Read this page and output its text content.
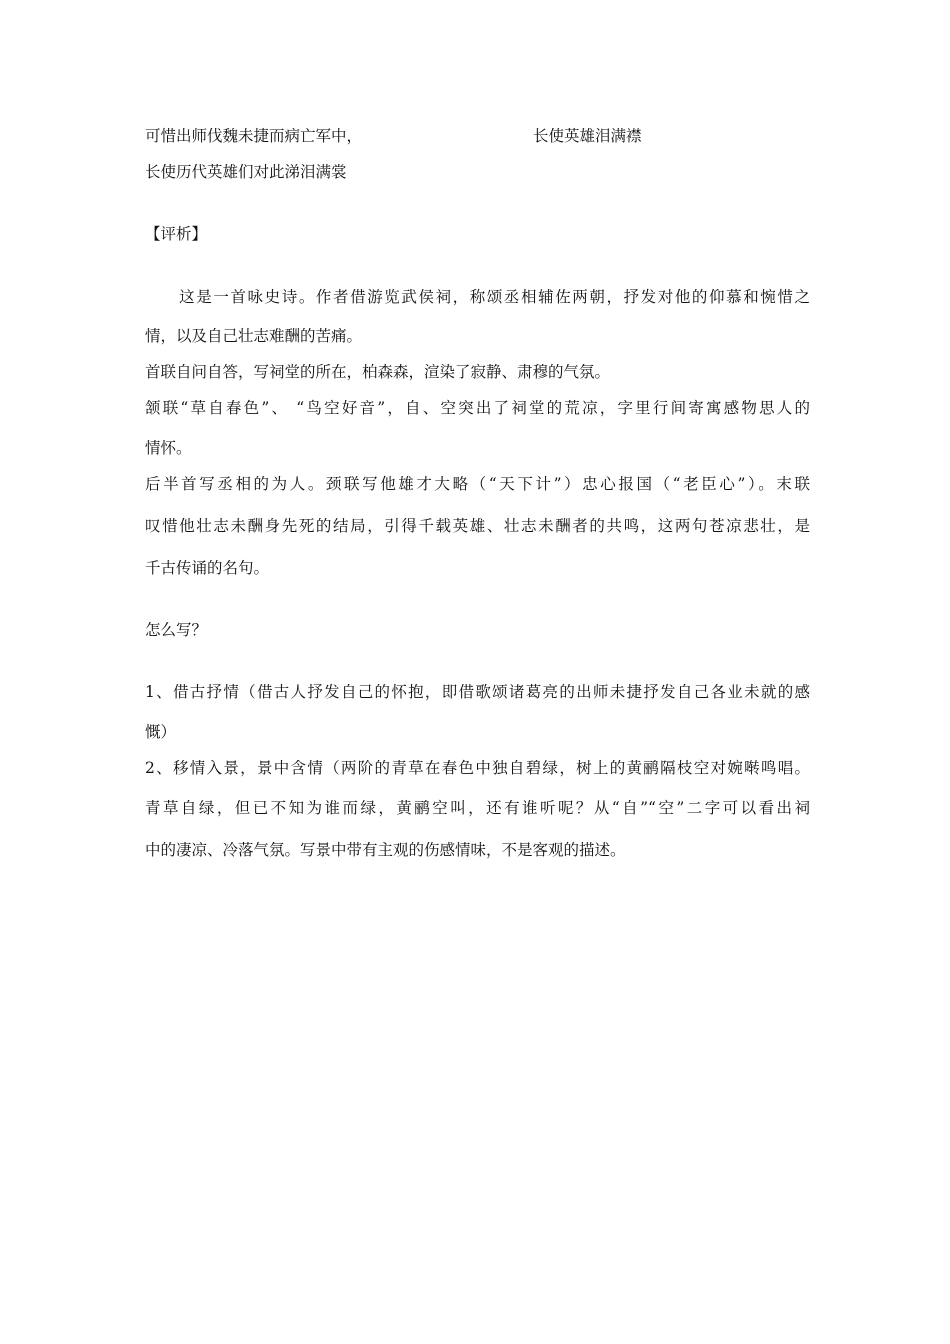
可惜出师伐魏未捷而病亡军中，	长使英雄泪满襟
长使历代英雄们对此涕泪满裳
【评析】
　　这是一首咏史诗。作者借游览武侯祠，称颂丞相辅佐两朝，抒发对他的仰慕和惋惜之
情，以及自己壮志难酬的苦痛。
首联自问自答，写祠堂的所在，柏森森，渲染了寂静、肃穆的气氛。
颔联“草自春色”、 “鸟空好音”，自、空突出了祠堂的荒凉，字里行间寄寓感物思人的
情怀。
后半首写丞相的为人。颈联写他雄才大略（“天下计”）忠心报国（“老臣心”）。末联
叹惜他壮志未酬身先死的结局，引得千载英雄、壮志未酬者的共鸣，这两句苍凉悲壮，是
千古传诵的名句。
怎么写？
1、借古抒情（借古人抒发自己的怀抱，即借歌颂诸葛亮的出师未捷抒发自己各业未就的感
慨）
2、移情入景，景中含情（两阶的青草在春色中独自碧绿，树上的黄鹂隔枝空对婉啭鸣唱。
青草自绿，但已不知为谁而绿，黄鹂空叫，还有谁听呢？从“自”“空”二字可以看出祠
中的凄凉、冷落气氛。写景中带有主观的伤感情味，不是客观的描述。
